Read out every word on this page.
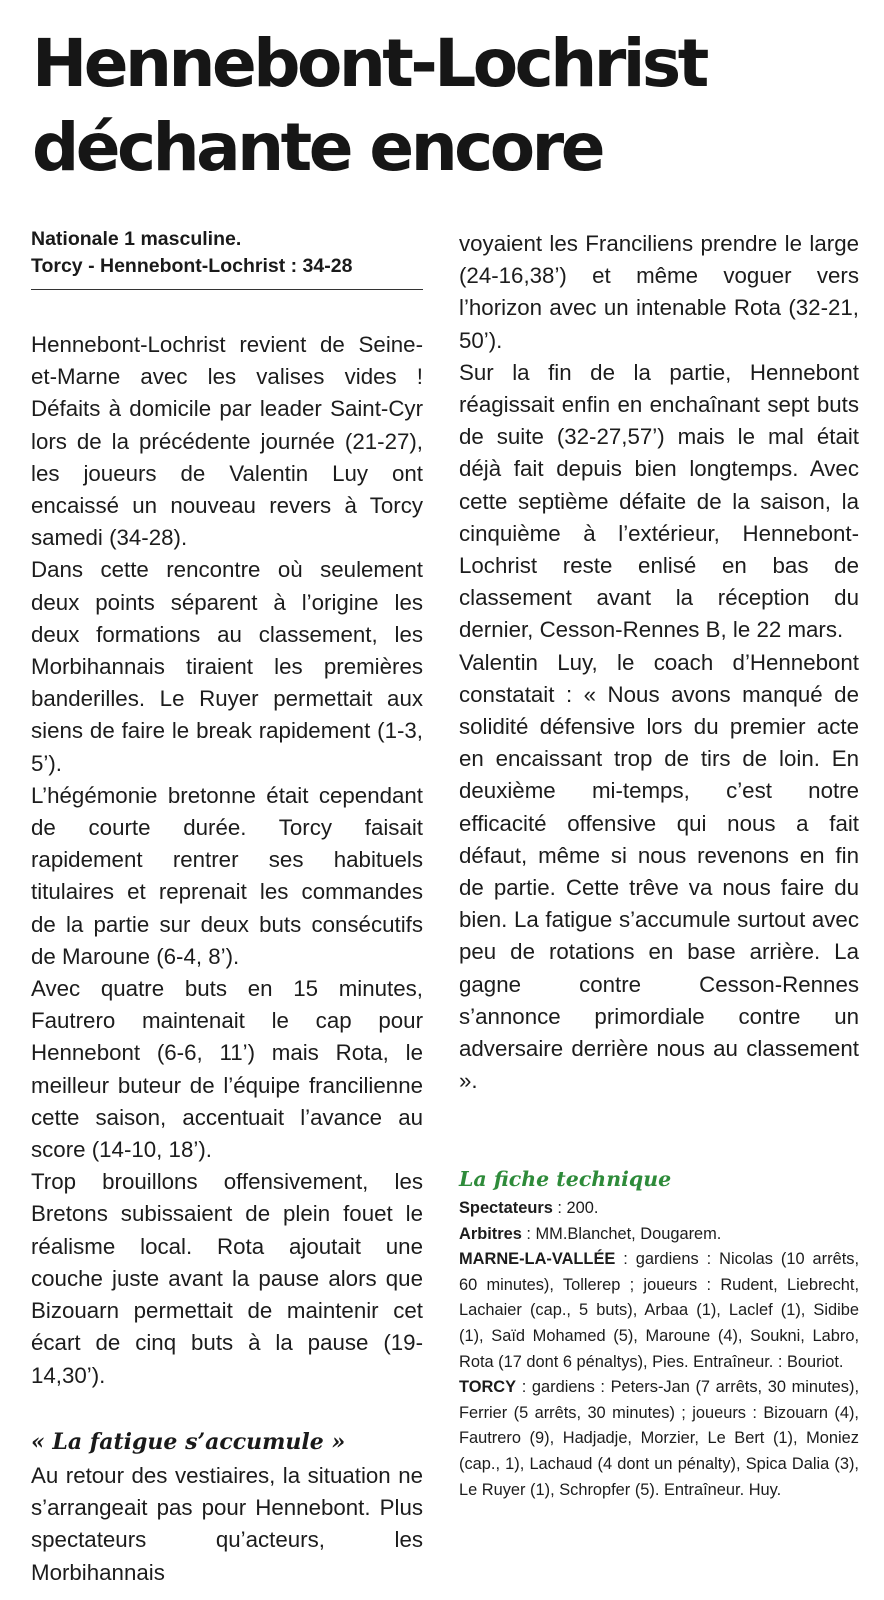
Hennebont-Lochrist
déchante encore
Nationale 1 masculine.
Torcy - Hennebont-Lochrist : 34-28

Hennebont-Lochrist revient de Seine-et-Marne avec les valises vides ! Défaits à domicile par leader Saint-Cyr lors de la précédente journée (21-27), les joueurs de Valentin Luy ont encaissé un nouveau revers à Torcy samedi (34-28).

Dans cette rencontre où seulement deux points séparent à l’origine les deux formations au classement, les Morbihannais tiraient les premières banderilles. Le Ruyer permettait aux siens de faire le break rapidement (1-3, 5’).

L’hégémonie bretonne était cependant de courte durée. Torcy faisait rapidement rentrer ses habituels titulaires et reprenait les commandes de la partie sur deux buts consécutifs de Maroune (6-4, 8’).

Avec quatre buts en 15 minutes, Fautrero maintenait le cap pour Hennebont (6-6, 11’) mais Rota, le meilleur buteur de l’équipe francilienne cette saison, accentuait l’avance au score (14-10, 18’).

Trop brouillons offensivement, les Bretons subissaient de plein fouet le réalisme local. Rota ajoutait une couche juste avant la pause alors que Bizouarn permettait de maintenir cet écart de cinq buts à la pause (19-14,30’).

« La fatigue s’accumule »

Au retour des vestiaires, la situation ne s’arrangeait pas pour Hennebont. Plus spectateurs qu’acteurs, les Morbihannais

voyaient les Franciliens prendre le large (24-16,38’) et même voguer vers l’horizon avec un intenable Rota (32-21, 50’).

Sur la fin de la partie, Hennebont réagissait enfin en enchaînant sept buts de suite (32-27,57’) mais le mal était déjà fait depuis bien longtemps. Avec cette septième défaite de la saison, la cinquième à l’extérieur, Hennebont-Lochrist reste enlisé en bas de classement avant la réception du dernier, Cesson-Rennes B, le 22 mars.

Valentin Luy, le coach d’Hennebont constatait : « Nous avons manqué de solidité défensive lors du premier acte en encaissant trop de tirs de loin. En deuxième mi-temps, c’est notre efficacité offensive qui nous a fait défaut, même si nous revenons en fin de partie. Cette trêve va nous faire du bien. La fatigue s’accumule surtout avec peu de rotations en base arrière. La gagne contre Cesson-Rennes s’annonce primordiale contre un adversaire derrière nous au classement ».

La fiche technique

Spectateurs : 200.

Arbitres : MM.Blanchet, Dougarem.

MARNE-LA-VALLÉE : gardiens : Nicolas (10 arrêts, 60 minutes), Tollerep ; joueurs : Rudent, Liebrecht, Lachaier (cap., 5 buts), Arbaa (1), Laclef (1), Sidibe (1), Saïd Mohamed (5), Maroune (4), Soukni, Labro, Rota (17 dont 6 pénaltys), Pies. Entraîneur. : Bouriot.

TORCY : gardiens : Peters-Jan (7 arrêts, 30 minutes), Ferrier (5 arrêts, 30 minutes) ; joueurs : Bizouarn (4), Fautrero (9), Hadjadje, Morzier, Le Bert (1), Moniez (cap., 1), Lachaud (4 dont un pénalty), Spica Dalia (3), Le Ruyer (1), Schropfer (5). Entraîneur. Huy.
